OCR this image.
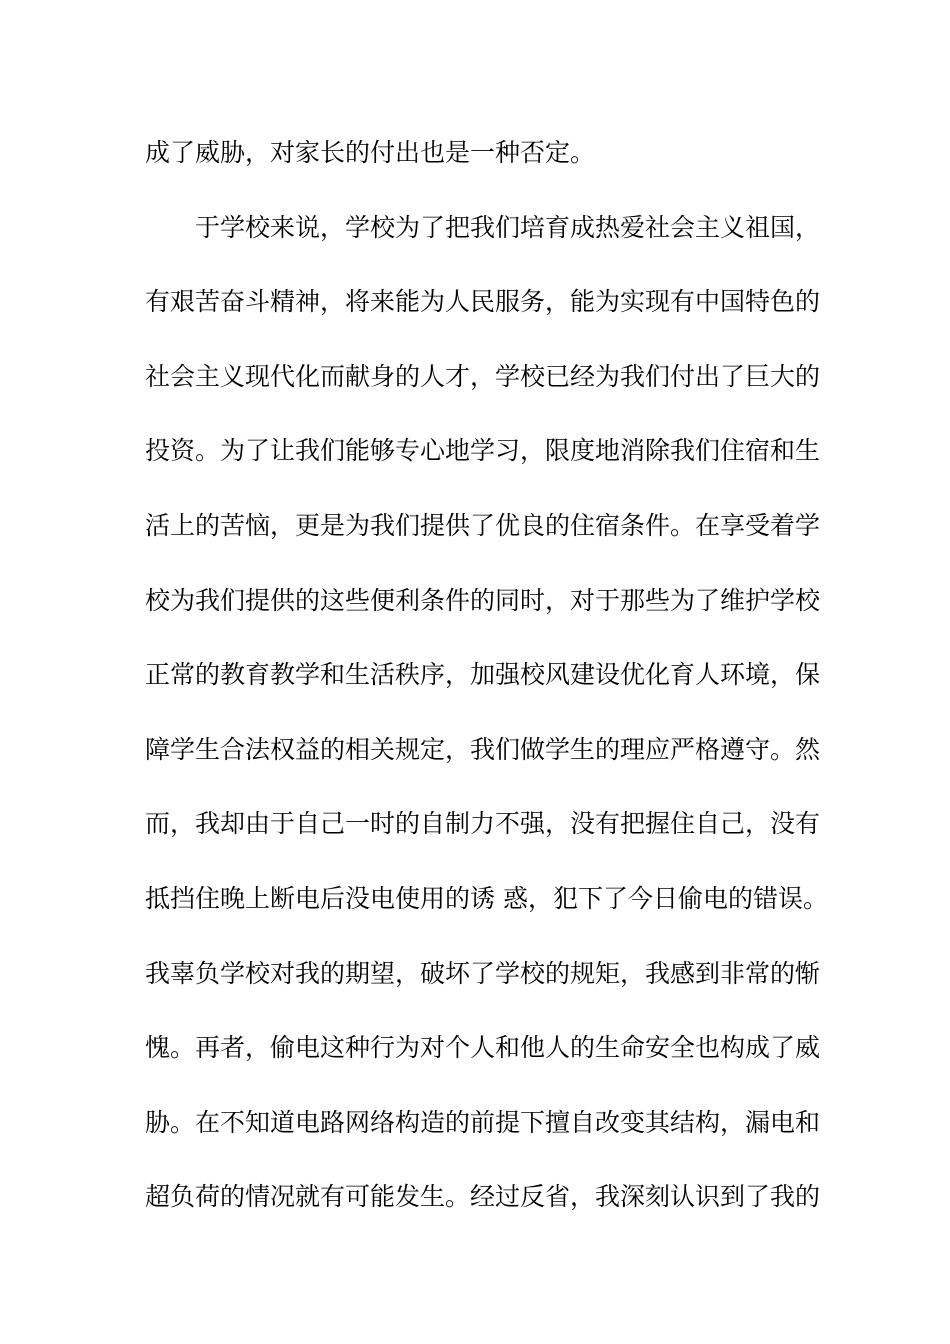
成了威胁，对家长的付出也是一种否定。
于学校来说，学校为了把我们培育成热爱社会主义祖国，
有艰苦奋斗精神，将来能为人民服务，能为实现有中国特色的
社会主义现代化而献身的人才，学校已经为我们付出了巨大的
投资。为了让我们能够专心地学习，限度地消除我们住宿和生
活上的苦恼，更是为我们提供了优良的住宿条件。在享受着学
校为我们提供的这些便利条件的同时，对于那些为了维护学校
正常的教育教学和生活秩序，加强校风建设优化育人环境，保
障学生合法权益的相关规定，我们做学生的理应严格遵守。然
而，我却由于自己一时的自制力不强，没有把握住自己，没有
抵挡住晚上断电后没电使用的诱 惑，犯下了今日偷电的错误。
我辜负学校对我的期望，破坏了学校的规矩，我感到非常的惭
愧。再者，偷电这种行为对个人和他人的生命安全也构成了威
胁。在不知道电路网络构造的前提下擅自改变其结构，漏电和
超负荷的情况就有可能发生。经过反省，我深刻认识到了我的
